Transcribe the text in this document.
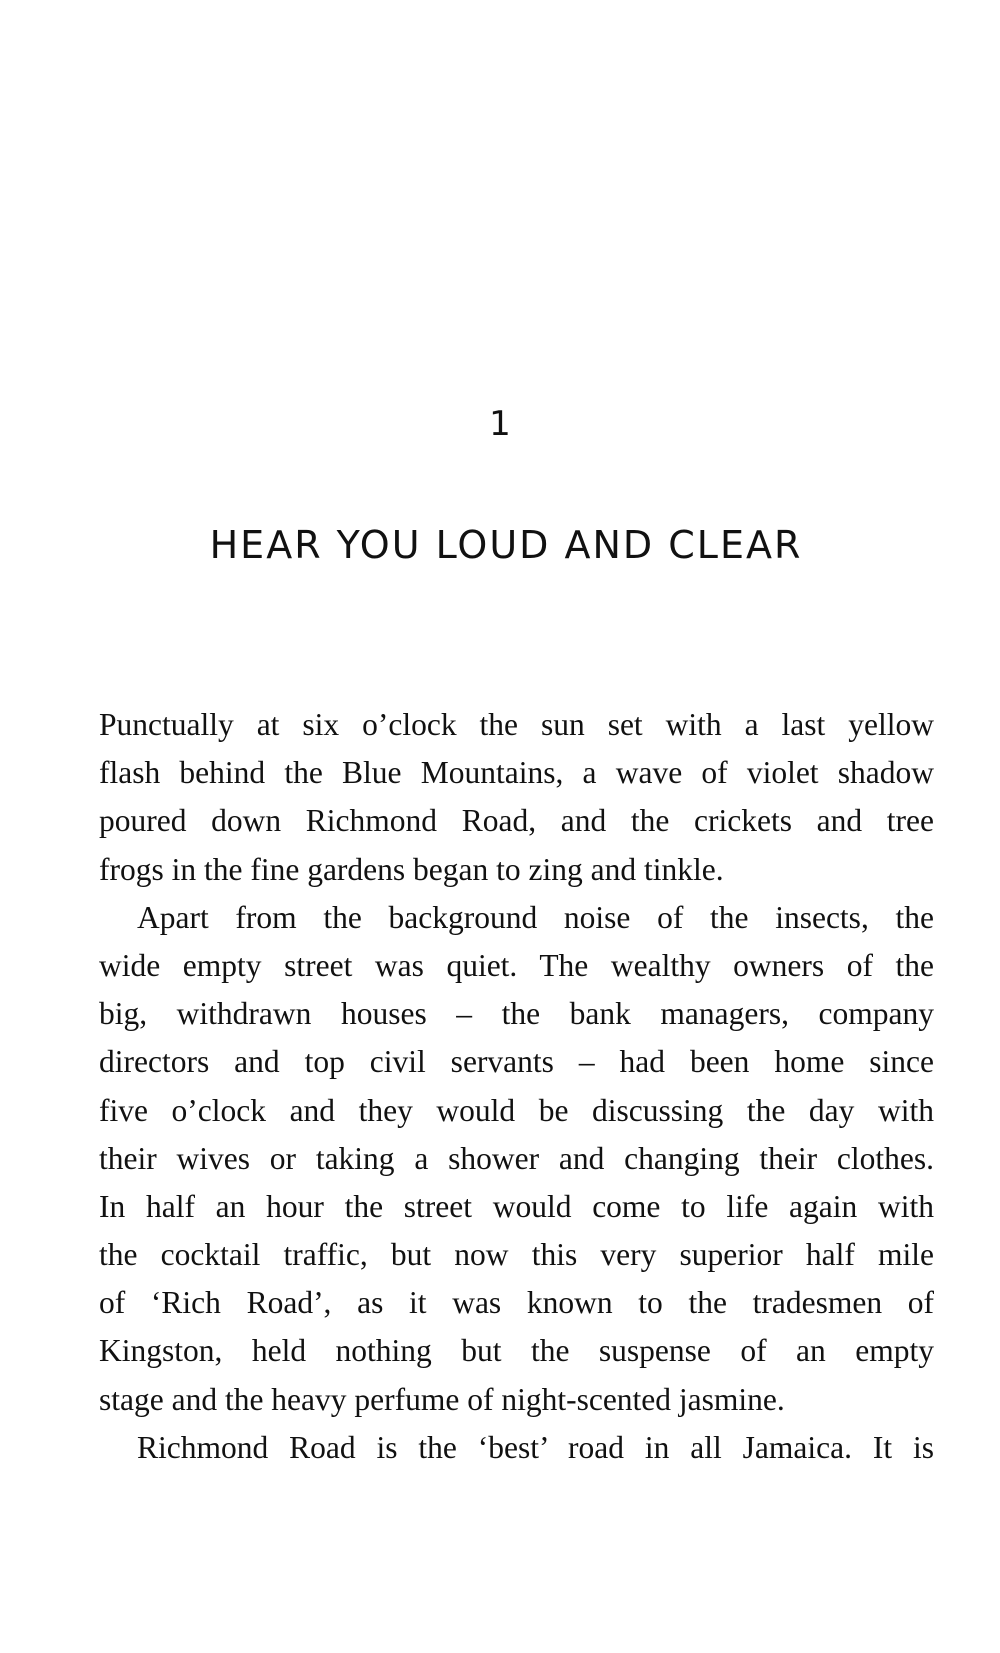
1
HEAR YOU LOUD AND CLEAR
Punctually at six o’clock the sun set with a last yellow
flash behind the Blue Mountains, a wave of violet shadow
poured down Richmond Road, and the crickets and tree
frogs in the fine gardens began to zing and tinkle.
Apart from the background noise of the insects, the
wide empty street was quiet. The wealthy owners of the
big, withdrawn houses – the bank managers, company
directors and top civil servants – had been home since
five o’clock and they would be discussing the day with
their wives or taking a shower and changing their clothes.
In half an hour the street would come to life again with
the cocktail traffic, but now this very superior half mile
of ‘Rich Road’, as it was known to the tradesmen of
Kingston, held nothing but the suspense of an empty
stage and the heavy perfume of night-scented jasmine.
Richmond Road is the ‘best’ road in all Jamaica. It is
